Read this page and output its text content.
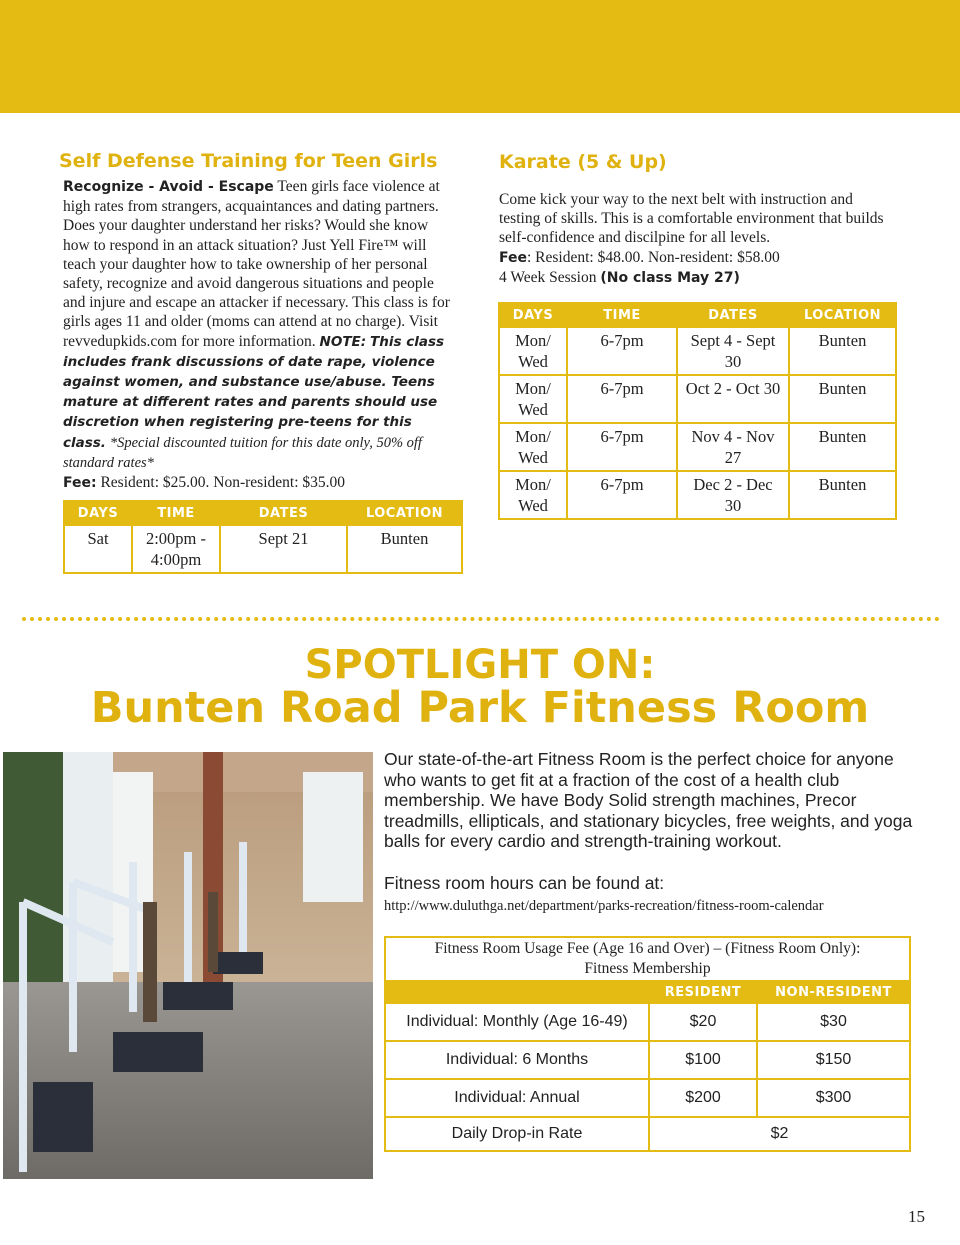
Self Defense Training for Teen Girls
Recognize - Avoid - Escape Teen girls face violence at high rates from strangers, acquaintances and dating partners. Does your daughter understand her risks? Would she know how to respond in an attack situation? Just Yell Fire™ will teach your daughter how to take ownership of her personal safety, recognize and avoid dangerous situations and people and injure and escape an attacker if necessary. This class is for girls ages 11 and older (moms can attend at no charge). Visit revvedupkids.com for more information. NOTE: This class includes frank discussions of date rape, violence against women, and substance use/abuse. Teens mature at different rates and parents should use discretion when registering pre-teens for this class. *Special discounted tuition for this date only, 50% off standard rates*
Fee: Resident: $25.00. Non-resident: $35.00
DAYS	TIME	DATES	LOCATION
Sat	2:00pm - 4:00pm	Sept 21	Bunten
Karate (5 & Up)
Come kick your way to the next belt with instruction and testing of skills. This is a comfortable environment that builds self-confidence and discilpine for all levels.
Fee: Resident: $48.00. Non-resident: $58.00
4 Week Session (No class May 27)
DAYS	TIME	DATES	LOCATION
Mon/ Wed	6-7pm	Sept 4 - Sept 30	Bunten
Mon/ Wed	6-7pm	Oct 2 - Oct 30	Bunten
Mon/ Wed	6-7pm	Nov 4 - Nov 27	Bunten
Mon/ Wed	6-7pm	Dec 2 - Dec 30	Bunten
SPOTLIGHT ON:
Bunten Road Park Fitness Room
Our state-of-the-art Fitness Room is the perfect choice for anyone who wants to get fit at a fraction of the cost of a health club membership. We have Body Solid strength machines, Precor treadmills, ellipticals, and stationary bicycles, free weights, and yoga balls for every cardio and strength-training workout.
Fitness room hours can be found at:
http://www.duluthga.net/department/parks-recreation/fitness-room-calendar
Fitness Room Usage Fee (Age 16 and Over) – (Fitness Room Only):
Fitness Membership		

	RESIDENT	NON-RESIDENT
Individual: Monthly (Age 16-49)	$20	$30
Individual: 6 Months	$100	$150
Individual: Annual	$200	$300
Daily Drop-in Rate	$2	
15
